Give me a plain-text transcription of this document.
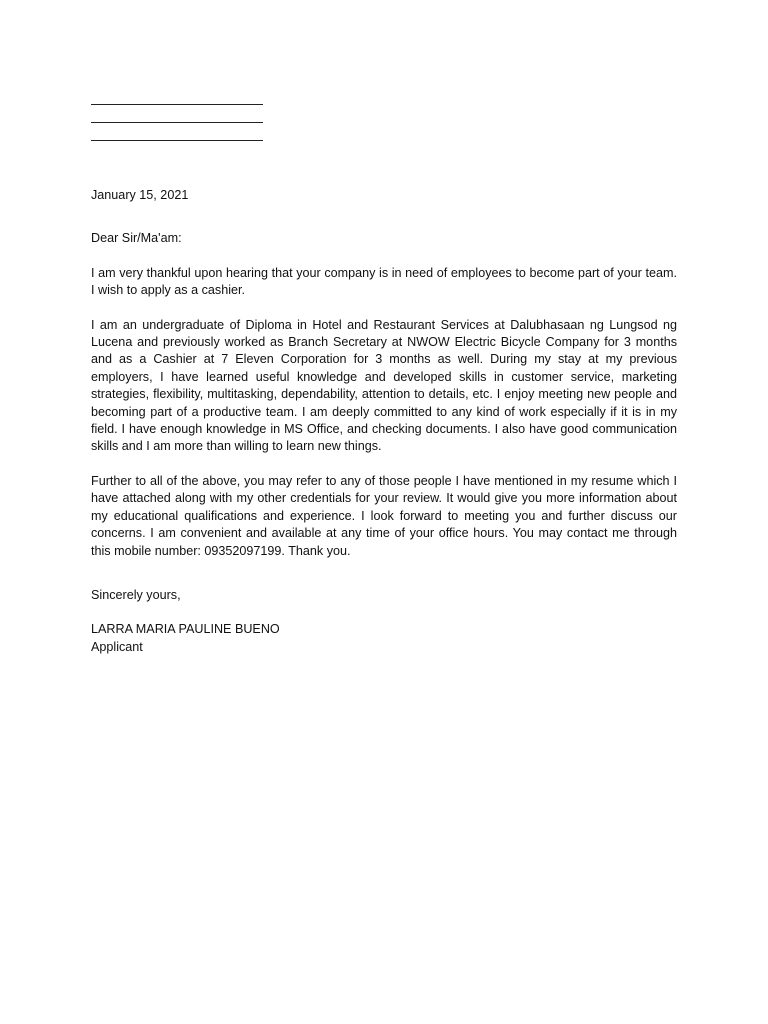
January 15, 2021
Dear Sir/Ma'am:

I am very thankful upon hearing that your company is in need of employees to become part of your team. I wish to apply as a cashier.

I am an undergraduate of Diploma in Hotel and Restaurant Services at Dalubhasaan ng Lungsod ng Lucena and previously worked as Branch Secretary at NWOW Electric Bicycle Company for 3 months and as a Cashier at 7 Eleven Corporation for 3 months as well. During my stay at my previous employers, I have learned useful knowledge and developed skills in customer service, marketing strategies, flexibility, multitasking, dependability, attention to details, etc. I enjoy meeting new people and becoming part of a productive team. I am deeply committed to any kind of work especially if it is in my field. I have enough knowledge in MS Office, and checking documents. I also have good communication skills and I am more than willing to learn new things.

Further to all of the above, you may refer to any of those people I have mentioned in my resume which I have attached along with my other credentials for your review. It would give you more information about my educational qualifications and experience. I look forward to meeting you and further discuss our concerns. I am convenient and available at any time of your office hours. You may contact me through this mobile number: 09352097199. Thank you.

Sincerely yours,
LARRA MARIA PAULINE BUENO
Applicant
